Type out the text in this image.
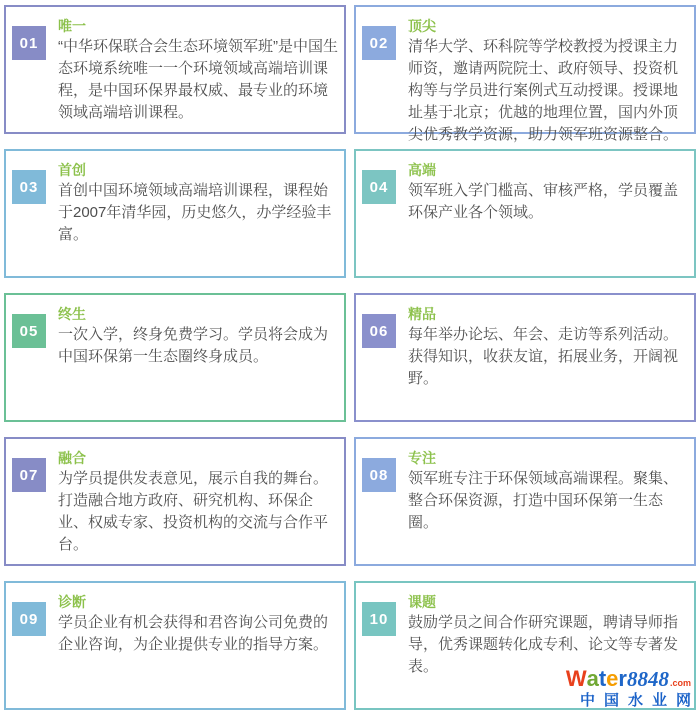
01
唯一
“中华环保联合会生态环境领军班”是中国生态环境系统唯一一个环境领域高端培训课程，是中国环保界最权威、最专业的环境领域高端培训课程。
02
顶尖
清华大学、环科院等学校教授为授课主力师资，邀请两院院士、政府领导、投资机构等与学员进行案例式互动授课。授课地址基于北京；优越的地理位置，国内外顶尖优秀教学资源，助力领军班资源整合。
03
首创
首创中国环境领域高端培训课程，课程始于2007年清华园，历史悠久，办学经验丰富。
04
高端
领军班入学门槛高、审核严格，学员覆盖环保产业各个领域。
05
终生
一次入学，终身免费学习。学员将会成为中国环保第一生态圈终身成员。
06
精品
每年举办论坛、年会、走访等系列活动。获得知识，收获友谊，拓展业务，开阔视野。
07
融合
为学员提供发表意见，展示自我的舞台。打造融合地方政府、研究机构、环保企业、权威专家、投资机构的交流与合作平台。
08
专注
领军班专注于环保领域高端课程。聚集、整合环保资源，打造中国环保第一生态圈。
09
诊断
学员企业有机会获得和君咨询公司免费的企业咨询，为企业提供专业的指导方案。
10
课题
鼓励学员之间合作研究课题，聘请导师指导，优秀课题转化成专利、论文等专著发表。	W a t e r 8848 .com
中国水业网
